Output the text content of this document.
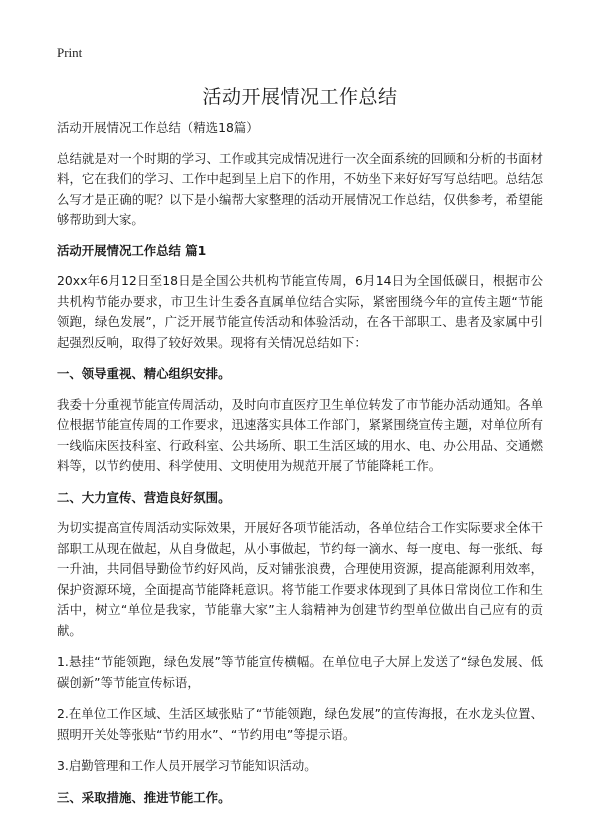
Print
活动开展情况工作总结

活动开展情况工作总结（精选18篇）

总结就是对一个时期的学习、工作或其完成情况进行一次全面系统的回顾和分析的书面材料，它在我们的学习、工作中起到呈上启下的作用，不妨坐下来好好写写总结吧。总结怎么写才是正确的呢？以下是小编帮大家整理的活动开展情况工作总结，仅供参考，希望能够帮助到大家。

活动开展情况工作总结 篇1

20xx年6月12日至18日是全国公共机构节能宣传周，6月14日为全国低碳日，根据市公共机构节能办要求，市卫生计生委各直属单位结合实际，紧密围绕今年的宣传主题“节能领跑，绿色发展”，广泛开展节能宣传活动和体验活动，在各干部职工、患者及家属中引起强烈反响，取得了较好效果。现将有关情况总结如下：

一、领导重视、精心组织安排。

我委十分重视节能宣传周活动，及时向市直医疗卫生单位转发了市节能办活动通知。各单位根据节能宣传周的工作要求，迅速落实具体工作部门，紧紧围绕宣传主题，对单位所有一线临床医技科室、行政科室、公共场所、职工生活区域的用水、电、办公用品、交通燃料等，以节约使用、科学使用、文明使用为规范开展了节能降耗工作。

二、大力宣传、营造良好氛围。

为切实提高宣传周活动实际效果，开展好各项节能活动，各单位结合工作实际要求全体干部职工从现在做起，从自身做起，从小事做起，节约每一滴水、每一度电、每一张纸、每一升油，共同倡导勤俭节约好风尚，反对铺张浪费，合理使用资源，提高能源利用效率，保护资源环境，全面提高节能降耗意识。将节能工作要求体现到了具体日常岗位工作和生活中，树立“单位是我家，节能靠大家”主人翁精神为创建节约型单位做出自己应有的贡献。

1.悬挂“节能领跑，绿色发展”等节能宣传横幅。在单位电子大屏上发送了“绿色发展、低碳创新”等节能宣传标语，

2.在单位工作区域、生活区域张贴了“节能领跑，绿色发展”的宣传海报，在水龙头位置、照明开关处等张贴“节约用水”、“节约用电”等提示语。

3.启勤管理和工作人员开展学习节能知识活动。

三、采取措施、推进节能工作。
